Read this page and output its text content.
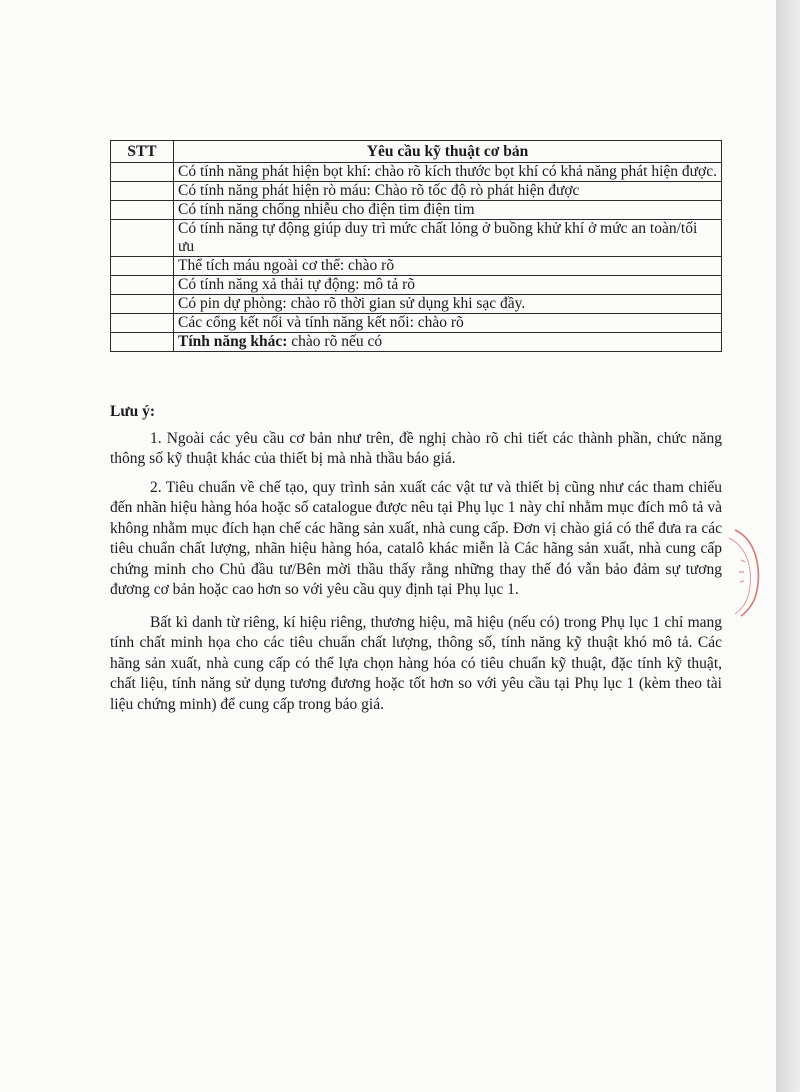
STT	Yêu cầu kỹ thuật cơ bản
	Có tính năng phát hiện bọt khí: chào rõ kích thước bọt khí có khả năng phát hiện được.
	Có tính năng phát hiện rò máu: Chào rõ tốc độ rò phát hiện được
	Có tính năng chống nhiễu cho điện tim điện tim
	Có tính năng tự động giúp duy trì mức chất lỏng ở buồng khử khí ở mức an toàn/tối ưu
	Thể tích máu ngoài cơ thể: chào rõ
	Có tính năng xả thải tự động: mô tả rõ
	Có pin dự phòng: chào rõ thời gian sử dụng khi sạc đầy.
	Các cổng kết nối và tính năng kết nối: chào rõ
	Tính năng khác: chào rõ nếu có
Lưu ý:

1. Ngoài các yêu cầu cơ bản như trên, đề nghị chào rõ chi tiết các thành phần, chức năng thông số kỹ thuật khác của thiết bị mà nhà thầu báo giá.

2. Tiêu chuẩn về chế tạo, quy trình sản xuất các vật tư và thiết bị cũng như các tham chiếu đến nhãn hiệu hàng hóa hoặc số catalogue được nêu tại Phụ lục 1 này chỉ nhằm mục đích mô tả và không nhằm mục đích hạn chế các hãng sản xuất, nhà cung cấp. Đơn vị chào giá có thể đưa ra các tiêu chuẩn chất lượng, nhãn hiệu hàng hóa, catalô khác miễn là Các hãng sản xuất, nhà cung cấp chứng minh cho Chủ đầu tư/Bên mời thầu thấy rằng những thay thế đó vẫn bảo đảm sự tương đương cơ bản hoặc cao hơn so với yêu cầu quy định tại Phụ lục 1.

Bất kì danh từ riêng, kí hiệu riêng, thương hiệu, mã hiệu (nếu có) trong Phụ lục 1 chỉ mang tính chất minh họa cho các tiêu chuẩn chất lượng, thông số, tính năng kỹ thuật khó mô tả. Các hãng sản xuất, nhà cung cấp có thể lựa chọn hàng hóa có tiêu chuẩn kỹ thuật, đặc tính kỹ thuật, chất liệu, tính năng sử dụng tương đương hoặc tốt hơn so với yêu cầu tại Phụ lục 1 (kèm theo tài liệu chứng minh) để cung cấp trong báo giá.
